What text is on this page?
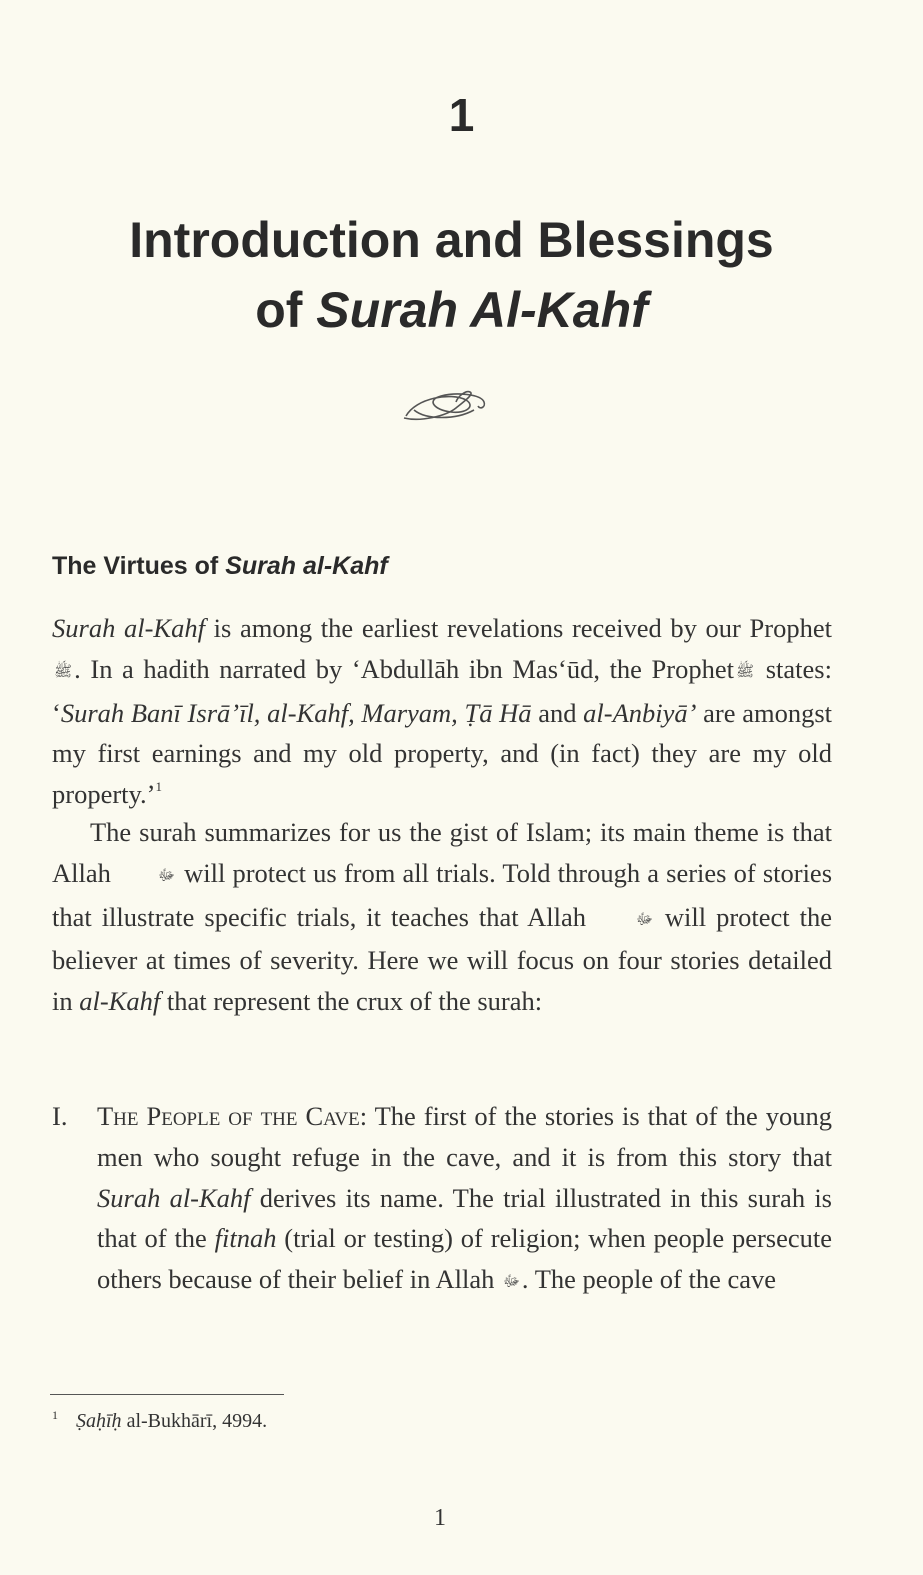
1
Introduction and Blessings
of Surah Al-Kahf
The Virtues of Surah al-Kahf
Surah al-Kahf is among the earliest revelations received by our Prophetﷺ. In a hadith narrated by ‘Abdullāh ibn Mas‘ūd, the Prophet ﷺ states: ‘Surah Banī Isrā’īl, al-Kahf, Maryam, Ṭā Hā and al-Anbiyā’ are amongst my first earnings and my old property, and (in fact) they are my old property.’$^1$
The surah summarizes for us the gist of Islam; its main theme is that Allah	ﷻ will protect us from all trials. Told through a series of stories that illustrate specific trials, it teaches that Allah	ﷻ will protect the believer at times of severity. Here we will focus on four stories detailed in al-Kahf that represent the crux of the surah:
I. The People of the Cave: The first of the stories is that of the young men who sought refuge in the cave, and it is from this story that Surah al-Kahf derives its name. The trial illustrated in this surah is that of the fitnah (trial or testing) of religion; when people persecute others because of their belief in Allah ﷻ. The people of the cave
$^1$ Ṣaḥīḥ al-Bukhārī, 4994.
1
